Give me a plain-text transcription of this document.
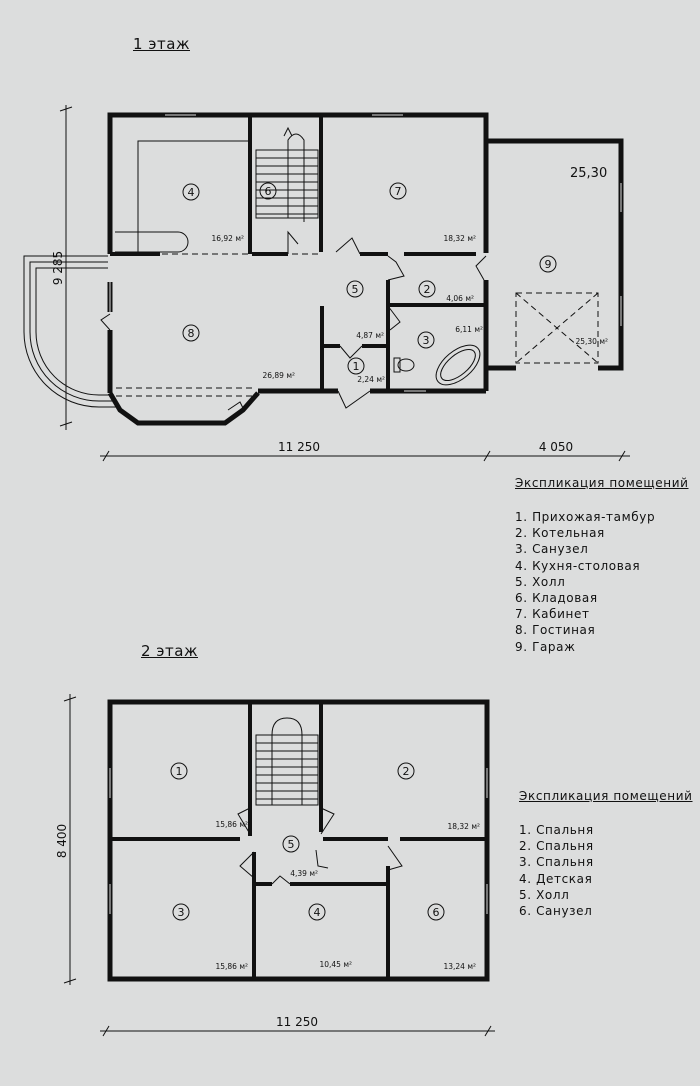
1 этаж
2 этаж
4	6	7
5	2
3
1
8
9
16,92 м²	18,32 м²
4,06 м²
6,11 м²
4,87 м²
2,24 м²
26,89 м²
25,30 м²
25,30
9 285
11 250	4 050
1	2
5
3	4	6
15,86 м²	18,32 м²
4,39 м²
15,86 м²	10,45 м²	13,24 м²
8 400
11 250
Экспликация помещений
1. Прихожая-тамбур
2. Котельная
3. Санузел
4. Кухня-столовая
5. Холл
6. Кладовая
7. Кабинет
8. Гостиная
9. Гараж
Экспликация помещений
1. Спальня
2. Спальня
3. Спальня
4. Детская
5. Холл
6. Санузел
